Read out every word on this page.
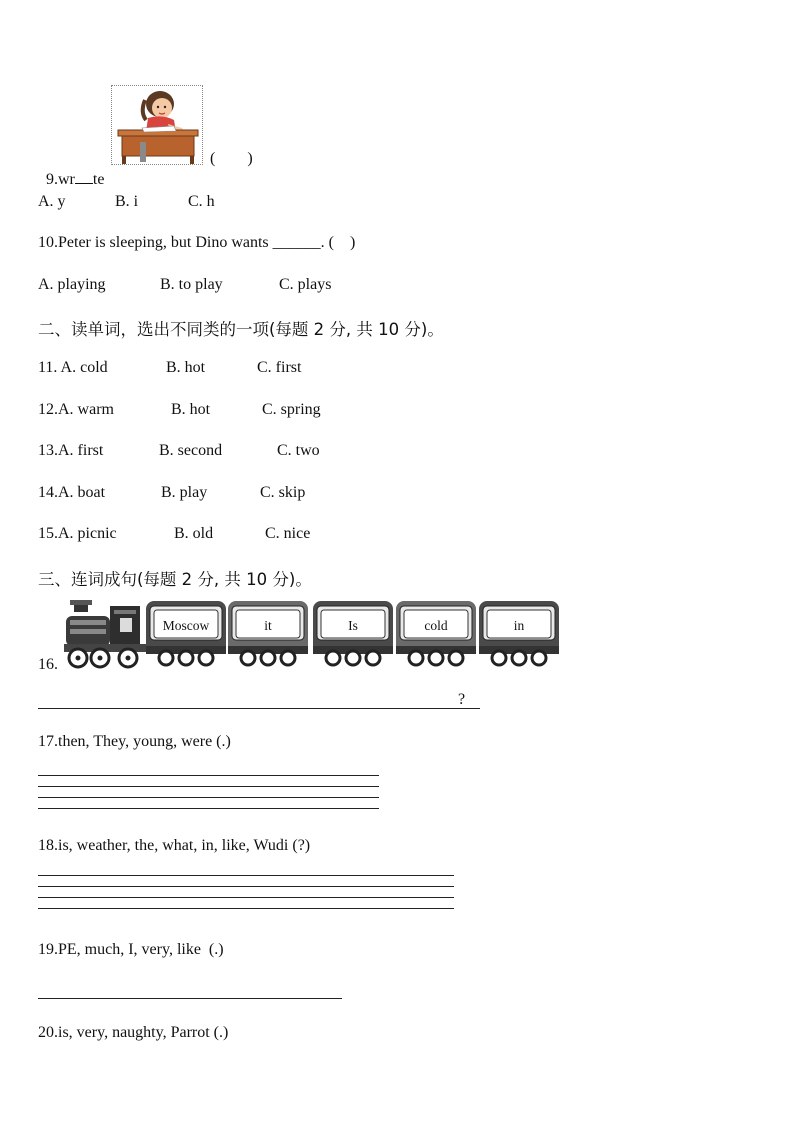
9.wr te

(        )
A. y	B. i	C. h
10.Peter is sleeping, but Dino wants ______. (    )
A. playing	B. to play	C. plays
二、读单词，选出不同类的一项(每题 2 分, 共 10 分)。
11. A. cold	B. hot	C. first
12.A. warm	B. hot	C. spring
13.A. first	B. second	C. two
14.A. boat	B. play	C. skip
15.A. picnic	B. old	C. nice
三、连词成句(每题 2 分, 共 10 分)。
16.
Moscow	it	Is	cold	in
?
17.then, They, young, were (.)
18.is, weather, the, what, in, like, Wudi (?)
19.PE, much, I, very, like  (.)
20.is, very, naughty, Parrot (.)
